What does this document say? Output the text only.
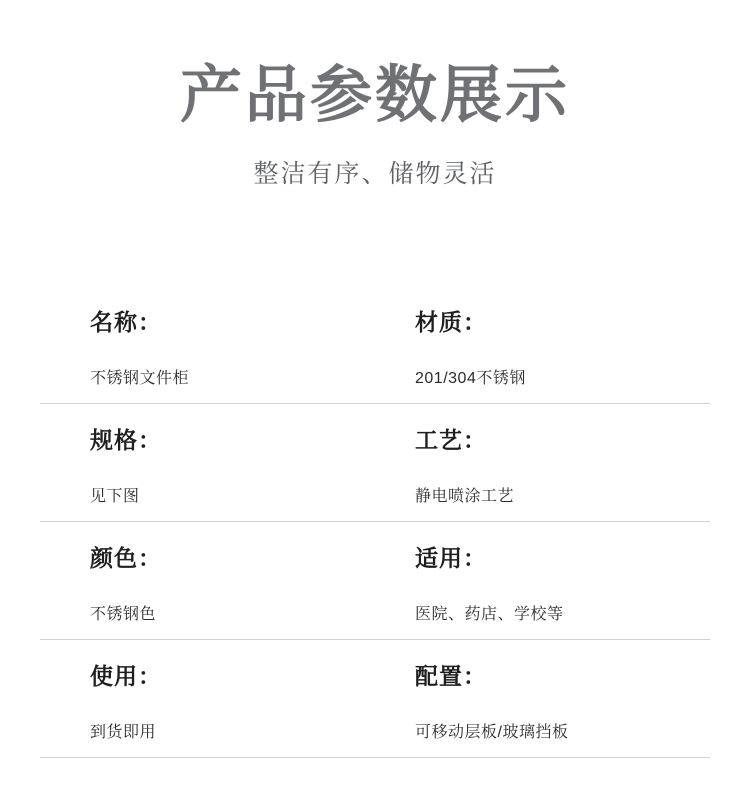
产品参数展示
整洁有序、储物灵活
名称：
不锈钢文件柜
材质：
201/304不锈钢
规格：
见下图
工艺：
静电喷涂工艺
颜色：
不锈钢色
适用：
医院、药店、学校等
使用：
到货即用
配置：
可移动层板/玻璃挡板
